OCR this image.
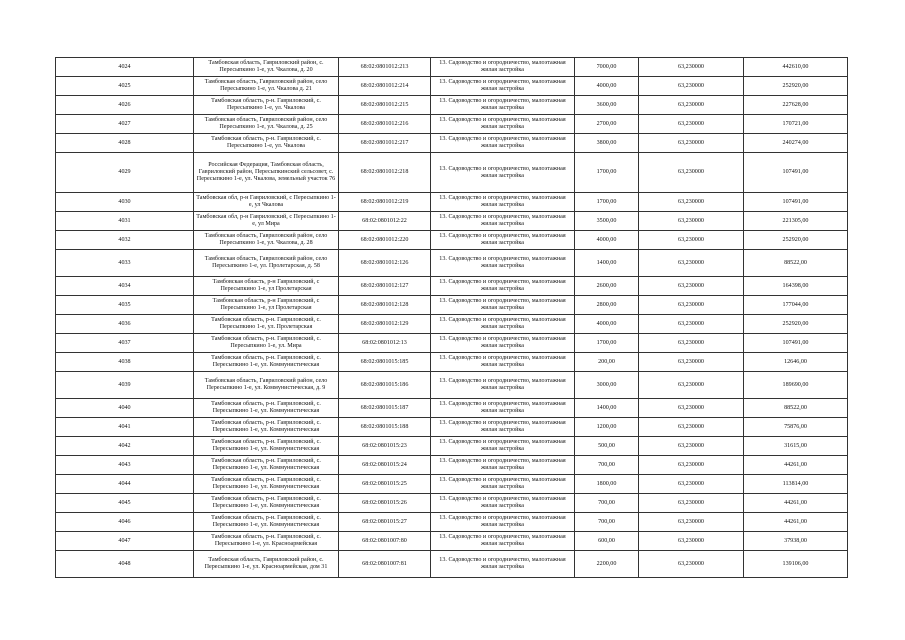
4024	Тамбовская область, Гавриловский район, с. Пересыпкино 1-е, ул. Чкалова, д. 20	68:02:0801012:213	13. Садоводство и огородничество, малоэтажная жилая застройка	7000,00	63,230000	442610,00
4025	Тамбовская область, Гавриловский район, село Пересыпкино 1-е, ул. Чкалова д. 21	68:02:0801012:214	13. Садоводство и огородничество, малоэтажная жилая застройка	4000,00	63,230000	252920,00
4026	Тамбовская область, р-н. Гавриловский, с. Пересыпкино 1-е, ул. Чкалова	68:02:0801012:215	13. Садоводство и огородничество, малоэтажная жилая застройка	3600,00	63,230000	227628,00
4027	Тамбовская область, Гавриловский район, село Пересыпкино 1-е, ул. Чкалова, д. 25	68:02:0801012:216	13. Садоводство и огородничество, малоэтажная жилая застройка	2700,00	63,230000	170721,00
4028	Тамбовская область, р-н. Гавриловский, с. Пересыпкино 1-е, ул. Чкалова	68:02:0801012:217	13. Садоводство и огородничество, малоэтажная жилая застройка	3800,00	63,230000	240274,00
4029	Российская Федерация, Тамбовская область, Гавриловский район, Пересыпкинский сельсовет, с. Пересыпкино 1-е, ул. Чкалова, земельный участок 76	68:02:0801012:218	13. Садоводство и огородничество, малоэтажная жилая застройка	1700,00	63,230000	107491,00
4030	Тамбовская обл, р-н Гавриловский, с Пересыпкино 1-е, ул Чкалова	68:02:0801012:219	13. Садоводство и огородничество, малоэтажная жилая застройка	1700,00	63,230000	107491,00
4031	Тамбовская обл, р-н Гавриловский, с Пересыпкино 1-е, ул Мира	68:02:0801012:22	13. Садоводство и огородничество, малоэтажная жилая застройка	3500,00	63,230000	221305,00
4032	Тамбовская область, Гавриловский район, село Пересыпкино 1-е, ул. Чкалова, д. 28	68:02:0801012:220	13. Садоводство и огородничество, малоэтажная жилая застройка	4000,00	63,230000	252920,00
4033	Тамбовская область, Гавриловский район, село Пересыпкино 1-е, ул. Пролетарская, д. 58	68:02:0801012:126	13. Садоводство и огородничество, малоэтажная жилая застройка	1400,00	63,230000	88522,00
4034	Тамбовская область, р-н Гавриловский, с Пересыпкино 1-е, ул Пролетарская	68:02:0801012:127	13. Садоводство и огородничество, малоэтажная жилая застройка	2600,00	63,230000	164398,00
4035	Тамбовская область, р-н Гавриловский, с Пересыпкино 1-е, ул Пролетарская	68:02:0801012:128	13. Садоводство и огородничество, малоэтажная жилая застройка	2800,00	63,230000	177044,00
4036	Тамбовская область, р-н. Гавриловский, с. Пересыпкино 1-е, ул. Пролетарская	68:02:0801012:129	13. Садоводство и огородничество, малоэтажная жилая застройка	4000,00	63,230000	252920,00
4037	Тамбовская область, р-н. Гавриловский, с. Пересыпкино 1-е, ул. Мира	68:02:0801012:13	13. Садоводство и огородничество, малоэтажная жилая застройка	1700,00	63,230000	107491,00
4038	Тамбовская область, р-н. Гавриловский, с. Пересыпкино 1-е, ул. Коммунистическая	68:02:0801015:185	13. Садоводство и огородничество, малоэтажная жилая застройка	200,00	63,230000	12646,00
4039	Тамбовская область, Гавриловский район, село Пересыпкино 1-е, ул. Коммунистическая, д. 9	68:02:0801015:186	13. Садоводство и огородничество, малоэтажная жилая застройка	3000,00	63,230000	189690,00
4040	Тамбовская область, р-н. Гавриловский, с. Пересыпкино 1-е, ул. Коммунистическая	68:02:0801015:187	13. Садоводство и огородничество, малоэтажная жилая застройка	1400,00	63,230000	88522,00
4041	Тамбовская область, р-н. Гавриловский, с. Пересыпкино 1-е, ул. Коммунистическая	68:02:0801015:188	13. Садоводство и огородничество, малоэтажная жилая застройка	1200,00	63,230000	75876,00
4042	Тамбовская область, р-н. Гавриловский, с. Пересыпкино 1-е, ул. Коммунистическая	68:02:0801015:23	13. Садоводство и огородничество, малоэтажная жилая застройка	500,00	63,230000	31615,00
4043	Тамбовская область, р-н. Гавриловский, с. Пересыпкино 1-е, ул. Коммунистическая	68:02:0801015:24	13. Садоводство и огородничество, малоэтажная жилая застройка	700,00	63,230000	44261,00
4044	Тамбовская область, р-н. Гавриловский, с. Пересыпкино 1-е, ул. Коммунистическая	68:02:0801015:25	13. Садоводство и огородничество, малоэтажная жилая застройка	1800,00	63,230000	113814,00
4045	Тамбовская область, р-н. Гавриловский, с. Пересыпкино 1-е, ул. Коммунистическая	68:02:0801015:26	13. Садоводство и огородничество, малоэтажная жилая застройка	700,00	63,230000	44261,00
4046	Тамбовская область, р-н. Гавриловский, с. Пересыпкино 1-е, ул. Коммунистическая	68:02:0801015:27	13. Садоводство и огородничество, малоэтажная жилая застройка	700,00	63,230000	44261,00
4047	Тамбовская область, р-н. Гавриловский, с. Пересыпкино 1-е, ул. Красноармейская	68:02:0801007:80	13. Садоводство и огородничество, малоэтажная жилая застройка	600,00	63,230000	37938,00
4048	Тамбовская область, Гавриловский район, с. Пересыпкино 1-е, ул. Красноармейская, дом 31	68:02:0801007:81	13. Садоводство и огородничество, малоэтажная жилая застройка	2200,00	63,230000	139106,00
